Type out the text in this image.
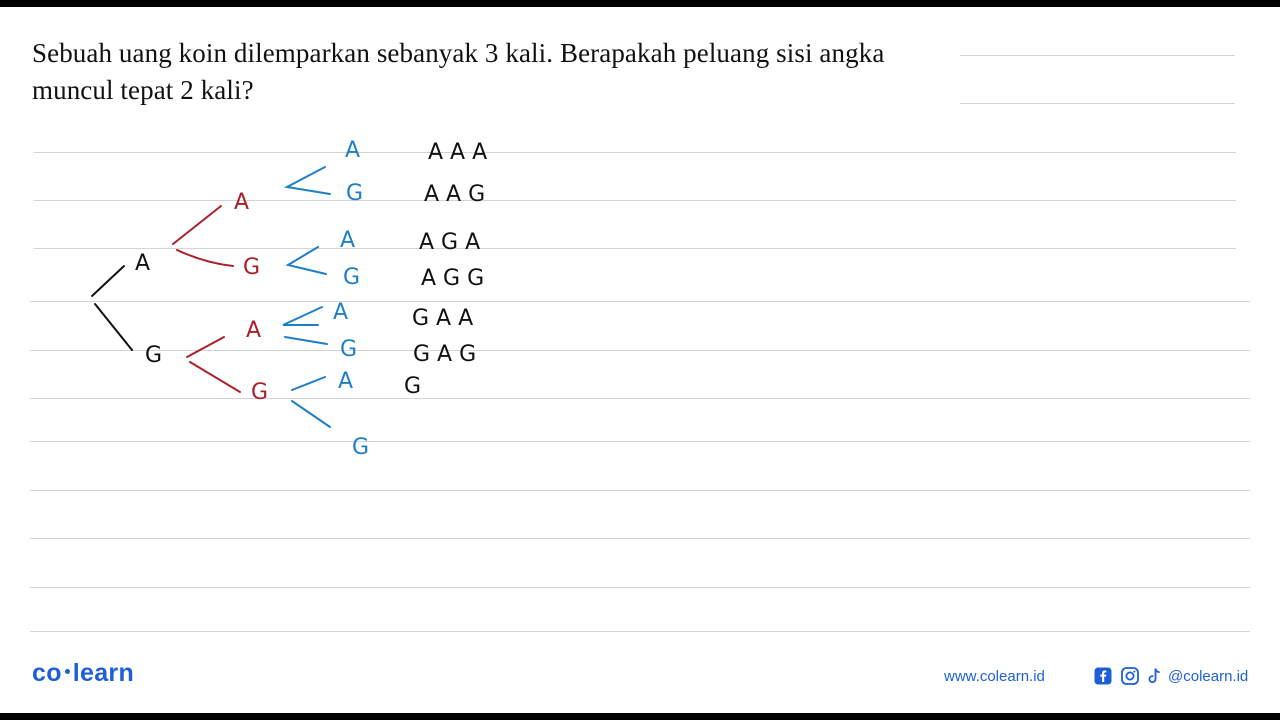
Sebuah uang koin dilemparkan sebanyak 3 kali. Berapakah peluang sisi angka
muncul tepat 2 kali?
A
G
A
G
A
G
A
G
A
G
A
G
A
G
A A A
A A G
A G A
A G G
G A A
G A G
G
co learn	www.colearn.id	@colearn.id
